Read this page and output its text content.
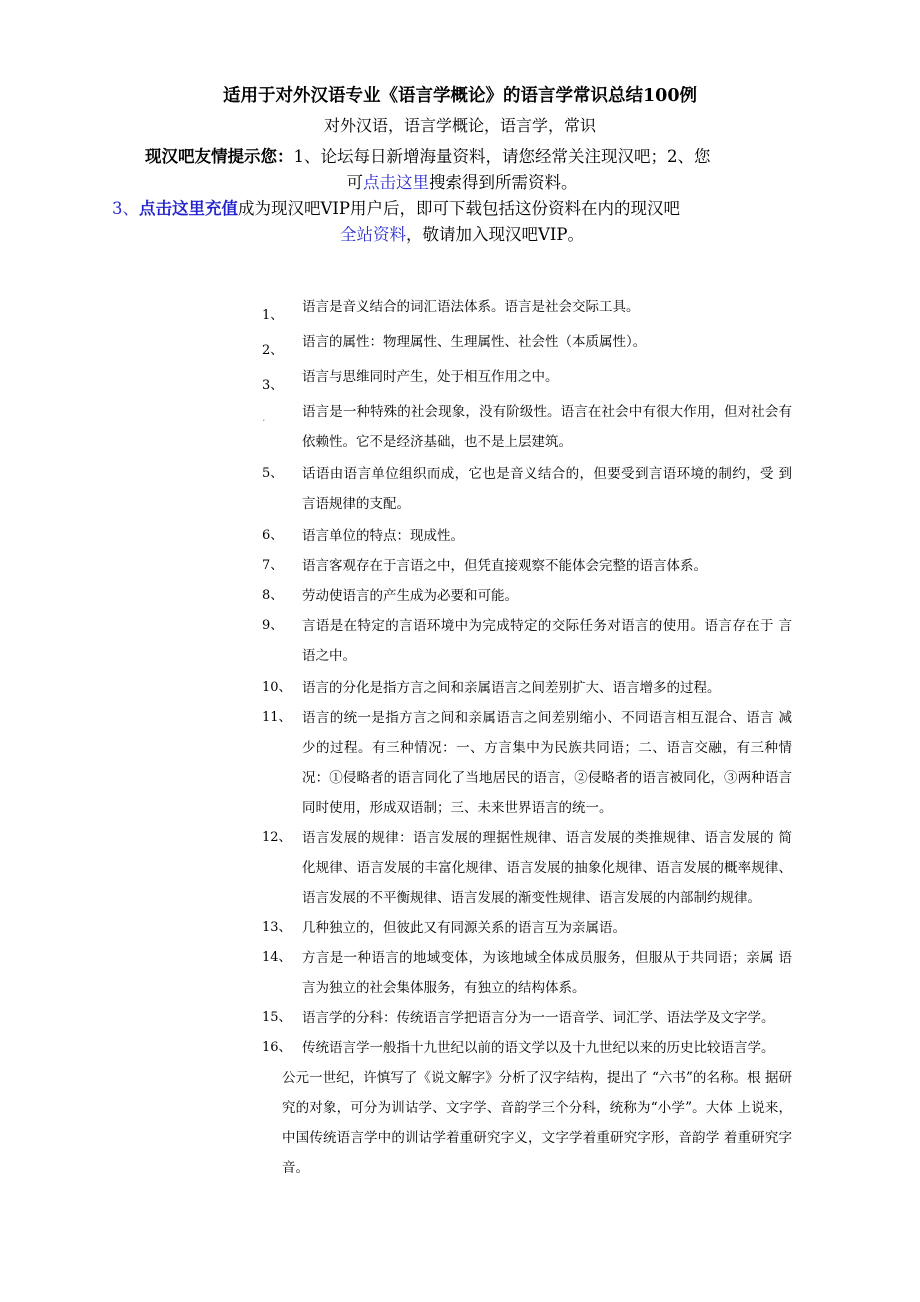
适用于对外汉语专业《语言学概论》的语言学常识总结100例
对外汉语，语言学概论，语言学，常识
现汉吧友情提示您：1、论坛每日新增海量资料，请您经常关注现汉吧；2、您
可点击这里搜索得到所需资料。
3、点击这里充值成为现汉吧VIP用户后，即可下载包括这份资料在内的现汉吧
全站资料，敬请加入现汉吧VIP。
1、
语言是音义结合的词汇语法体系。语言是社会交际工具。
2、
语言的属性：物理属性、生理属性、社会性（本质属性）。
3、
语言与思维同时产生，处于相互作用之中。
.	语言是一种特殊的社会现象，没有阶级性。语言在社会中有很大作用，但对社会有依赖性。它不是经济基础，也不是上层建筑。
5、	话语由语言单位组织而成，它也是音义结合的，但要受到言语环境的制约，受 到言语规律的支配。
6、	语言单位的特点：现成性。
7、	语言客观存在于言语之中，但凭直接观察不能体会完整的语言体系。
8、	劳动使语言的产生成为必要和可能。
9、	言语是在特定的言语环境中为完成特定的交际任务对语言的使用。语言存在于 言语之中。
10、 语言的分化是指方言之间和亲属语言之间差别扩大、语言增多的过程。
11、 语言的统一是指方言之间和亲属语言之间差别缩小、不同语言相互混合、语言 减少的过程。有三种情况：一、方言集中为民族共同语；二、语言交融，有三种情 况：①侵略者的语言同化了当地居民的语言，②侵略者的语言被同化，③两种语言 同时使用，形成双语制；三、未来世界语言的统一。
12、 语言发展的规律：语言发展的理据性规律、语言发展的类推规律、语言发展的 简化规律、语言发展的丰富化规律、语言发展的抽象化规律、语言发展的概率规律、 语言发展的不平衡规律、语言发展的渐变性规律、语言发展的内部制约规律。
13、 几种独立的，但彼此又有同源关系的语言互为亲属语。
14、 方言是一种语言的地域变体，为该地域全体成员服务，但服从于共同语；亲属 语言为独立的社会集体服务，有独立的结构体系。
15、 语言学的分科：传统语言学把语言分为一一语音学、词汇学、语法学及文字学。
16、 传统语言学一般指十九世纪以前的语文学以及十九世纪以来的历史比较语言学。
公元一世纪，许慎写了《说文解字》分析了汉字结构，提出了 “六书”的名称。根 据研究的对象，可分为训诂学、文字学、音韵学三个分科，统称为“小学”。大体 上说来，中国传统语言学中的训诂学着重研究字义，文字学着重研究字形，音韵学 着重研究字音。
